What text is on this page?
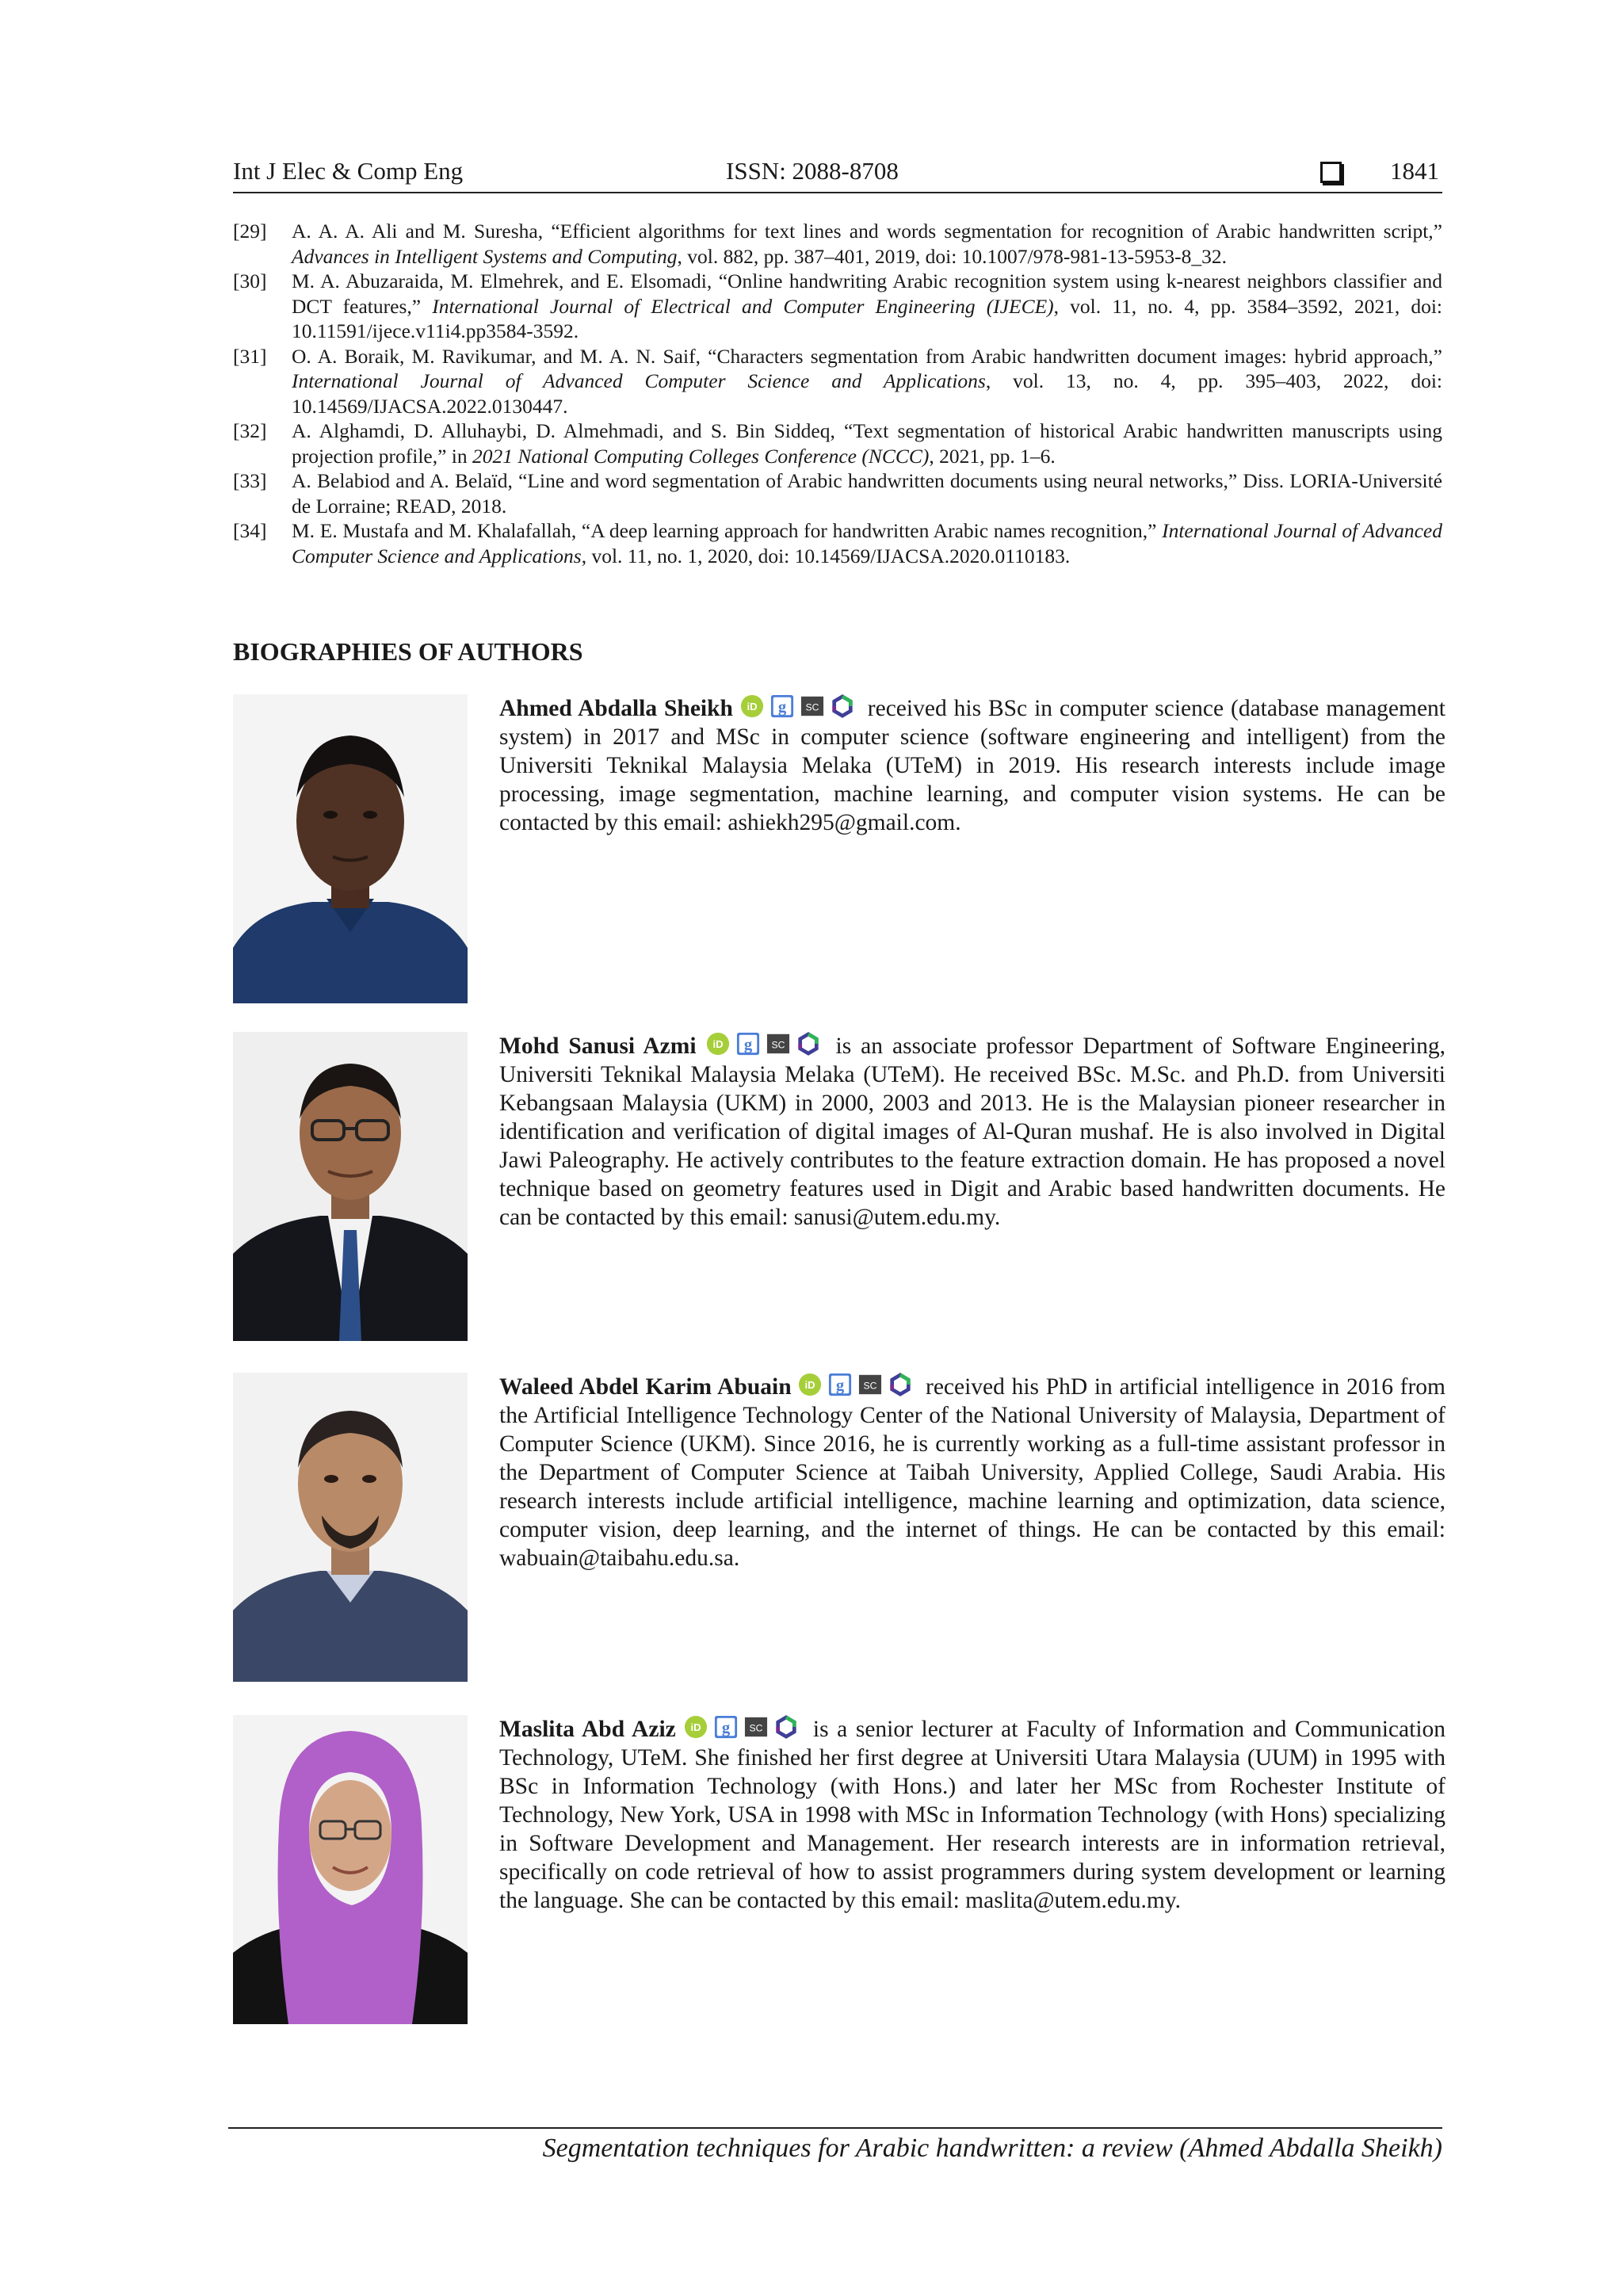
Int J Elec & Comp Eng	ISSN: 2088-8708	1841
[29]	A. A. A. Ali and M. Suresha, “Efficient algorithms for text lines and words segmentation for recognition of Arabic handwritten script,” Advances in Intelligent Systems and Computing, vol. 882, pp. 387–401, 2019, doi: 10.1007/978-981-13-5953-8_32.
[30]	M. A. Abuzaraida, M. Elmehrek, and E. Elsomadi, “Online handwriting Arabic recognition system using k-nearest neighbors classifier and DCT features,” International Journal of Electrical and Computer Engineering (IJECE), vol. 11, no. 4, pp. 3584–3592, 2021, doi: 10.11591/ijece.v11i4.pp3584-3592.
[31]	O. A. Boraik, M. Ravikumar, and M. A. N. Saif, “Characters segmentation from Arabic handwritten document images: hybrid approach,” International Journal of Advanced Computer Science and Applications, vol. 13, no. 4, pp. 395–403, 2022, doi: 10.14569/IJACSA.2022.0130447.
[32]	A. Alghamdi, D. Alluhaybi, D. Almehmadi, and S. Bin Siddeq, “Text segmentation of historical Arabic handwritten manuscripts using projection profile,” in 2021 National Computing Colleges Conference (NCCC), 2021, pp. 1–6.
[33]	A. Belabiod and A. Belaïd, “Line and word segmentation of Arabic handwritten documents using neural networks,” Diss. LORIA-Université de Lorraine; READ, 2018.
[34]	M. E. Mustafa and M. Khalafallah, “A deep learning approach for handwritten Arabic names recognition,” International Journal of Advanced Computer Science and Applications, vol. 11, no. 1, 2020, doi: 10.14569/IJACSA.2020.0110183.
BIOGRAPHIES OF AUTHORS
Ahmed Abdalla Sheikh	received his BSc in computer science (database management system) in 2017 and MSc in computer science (software engineering and intelligent) from the Universiti Teknikal Malaysia Melaka (UTeM) in 2019. His research interests include image processing, image segmentation, machine learning, and computer vision systems. He can be contacted by this email: ashiekh295@gmail.com.
Mohd Sanusi Azmi	is an associate professor Department of Software Engineering, Universiti Teknikal Malaysia Melaka (UTeM). He received BSc. M.Sc. and Ph.D. from Universiti Kebangsaan Malaysia (UKM) in 2000, 2003 and 2013. He is the Malaysian pioneer researcher in identification and verification of digital images of Al-Quran mushaf. He is also involved in Digital Jawi Paleography. He actively contributes to the feature extraction domain. He has proposed a novel technique based on geometry features used in Digit and Arabic based handwritten documents. He can be contacted by this email: sanusi@utem.edu.my.
Waleed Abdel Karim Abuain	received his PhD in artificial intelligence in 2016 from the Artificial Intelligence Technology Center of the National University of Malaysia, Department of Computer Science (UKM). Since 2016, he is currently working as a full-time assistant professor in the Department of Computer Science at Taibah University, Applied College, Saudi Arabia. His research interests include artificial intelligence, machine learning and optimization, data science, computer vision, deep learning, and the internet of things. He can be contacted by this email: wabuain@taibahu.edu.sa.
Maslita Abd Aziz	is a senior lecturer at Faculty of Information and Communication Technology, UTeM. She finished her first degree at Universiti Utara Malaysia (UUM) in 1995 with BSc in Information Technology (with Hons.) and later her MSc from Rochester Institute of Technology, New York, USA in 1998 with MSc in Information Technology (with Hons) specializing in Software Development and Management. Her research interests are in information retrieval, specifically on code retrieval of how to assist programmers during system development or learning the language. She can be contacted by this email: maslita@utem.edu.my.
Segmentation techniques for Arabic handwritten: a review (Ahmed Abdalla Sheikh)
